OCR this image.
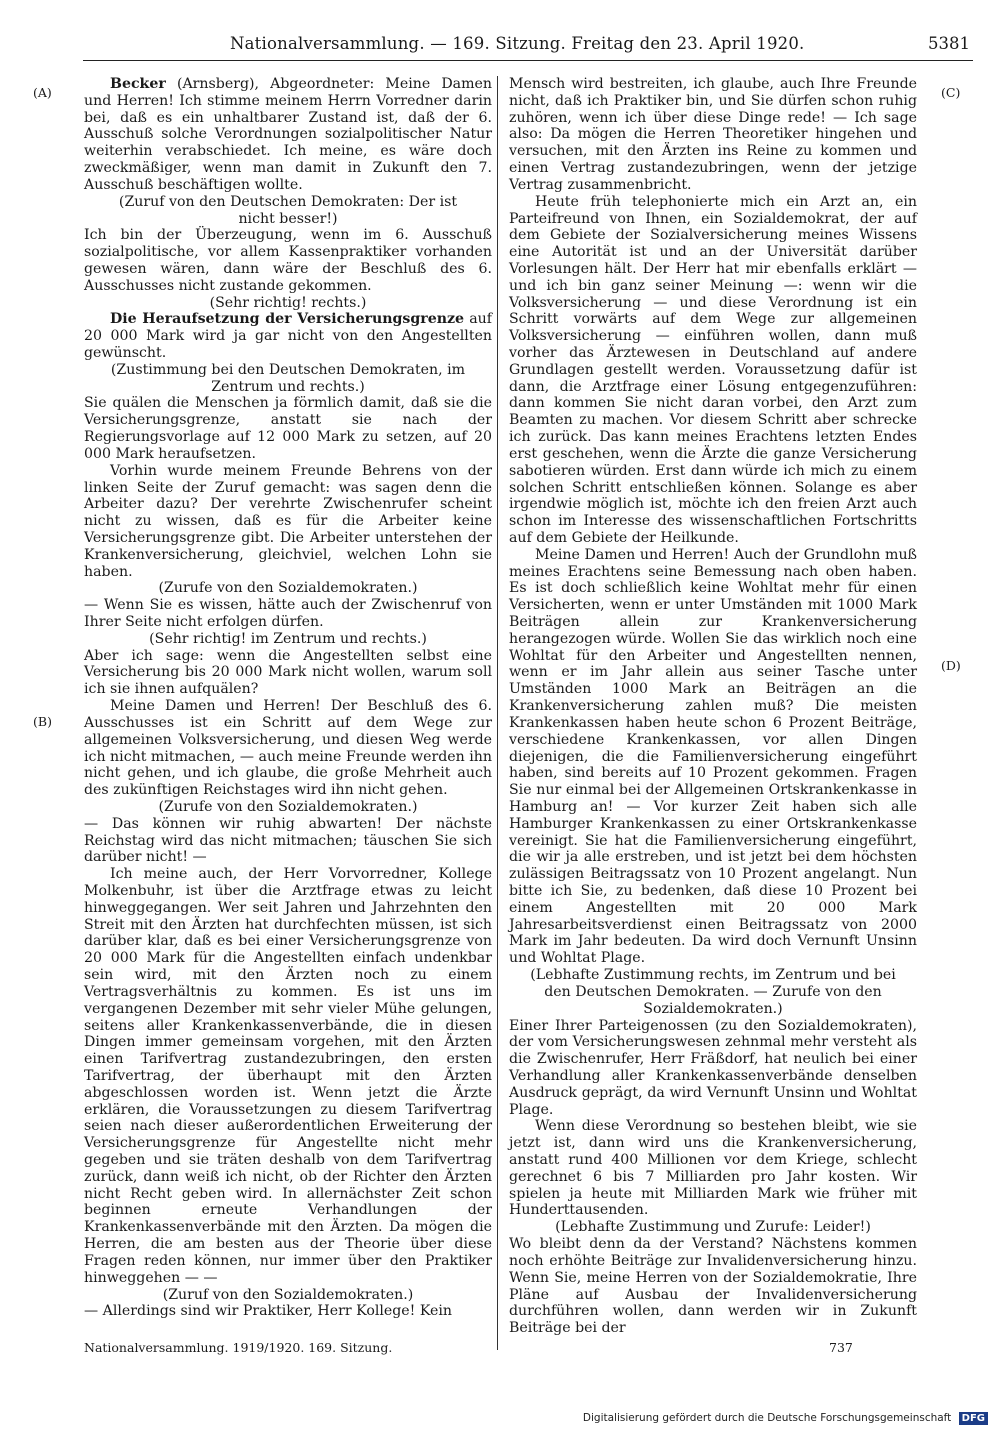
Nationalversammlung. — 169. Sitzung. Freitag den 23. April 1920.	5381
(A)
(B)
(C)
(D)

Becker (Arnsberg), Abgeordneter: Meine Damen und Herren! Ich stimme meinem Herrn Vorredner darin bei, daß es ein unhaltbarer Zustand ist, daß der 6. Ausschuß solche Verordnungen sozialpolitischer Natur weiterhin verabschiedet. Ich meine, es wäre doch zweckmäßiger, wenn man damit in Zukunft den 7. Ausschuß beschäftigen wollte.

(Zuruf von den Deutschen Demokraten: Der ist nicht besser!)

Ich bin der Überzeugung, wenn im 6. Ausschuß sozialpolitische, vor allem Kassenpraktiker vorhanden gewesen wären, dann wäre der Beschluß des 6. Ausschusses nicht zustande gekommen.

(Sehr richtig! rechts.)

Die Heraufsetzung der Versicherungsgrenze auf 20 000 Mark wird ja gar nicht von den Angestellten gewünscht.

(Zustimmung bei den Deutschen Demokraten, im Zentrum und rechts.)

Sie quälen die Menschen ja förmlich damit, daß sie die Versicherungsgrenze, anstatt sie nach der Regierungsvorlage auf 12 000 Mark zu setzen, auf 20 000 Mark heraufsetzen.

Vorhin wurde meinem Freunde Behrens von der linken Seite der Zuruf gemacht: was sagen denn die Arbeiter dazu? Der verehrte Zwischenrufer scheint nicht zu wissen, daß es für die Arbeiter keine Versicherungsgrenze gibt. Die Arbeiter unterstehen der Krankenversicherung, gleichviel, welchen Lohn sie haben.

(Zurufe von den Sozialdemokraten.)

— Wenn Sie es wissen, hätte auch der Zwischenruf von Ihrer Seite nicht erfolgen dürfen.

(Sehr richtig! im Zentrum und rechts.)

Aber ich sage: wenn die Angestellten selbst eine Versicherung bis 20 000 Mark nicht wollen, warum soll ich sie ihnen aufquälen?

Meine Damen und Herren! Der Beschluß des 6. Ausschusses ist ein Schritt auf dem Wege zur allgemeinen Volksversicherung, und diesen Weg werde ich nicht mitmachen, — auch meine Freunde werden ihn nicht gehen, und ich glaube, die große Mehrheit auch des zukünftigen Reichstages wird ihn nicht gehen.

(Zurufe von den Sozialdemokraten.)

— Das können wir ruhig abwarten! Der nächste Reichstag wird das nicht mitmachen; täuschen Sie sich darüber nicht! —

Ich meine auch, der Herr Vorvorredner, Kollege Molkenbuhr, ist über die Arztfrage etwas zu leicht hinweggegangen. Wer seit Jahren und Jahrzehnten den Streit mit den Ärzten hat durchfechten müssen, ist sich darüber klar, daß es bei einer Versicherungsgrenze von 20 000 Mark für die Angestellten einfach undenkbar sein wird, mit den Ärzten noch zu einem Vertragsverhältnis zu kommen. Es ist uns im vergangenen Dezember mit sehr vieler Mühe gelungen, seitens aller Krankenkassenverbände, die in diesen Dingen immer gemeinsam vorgehen, mit den Ärzten einen Tarifvertrag zustandezubringen, den ersten Tarifvertrag, der überhaupt mit den Ärzten abgeschlossen worden ist. Wenn jetzt die Ärzte erklären, die Voraussetzungen zu diesem Tarifvertrag seien nach dieser außerordentlichen Erweiterung der Versicherungsgrenze für Angestellte nicht mehr gegeben und sie träten deshalb von dem Tarifvertrag zurück, dann weiß ich nicht, ob der Richter den Ärzten nicht Recht geben wird. In allernächster Zeit schon beginnen erneute Verhandlungen der Krankenkassenverbände mit den Ärzten. Da mögen die Herren, die am besten aus der Theorie über diese Fragen reden können, nur immer über den Praktiker hinweggehen — —

(Zuruf von den Sozialdemokraten.)

— Allerdings sind wir Praktiker, Herr Kollege! Kein

Mensch wird bestreiten, ich glaube, auch Ihre Freunde nicht, daß ich Praktiker bin, und Sie dürfen schon ruhig zuhören, wenn ich über diese Dinge rede! — Ich sage also: Da mögen die Herren Theoretiker hingehen und versuchen, mit den Ärzten ins Reine zu kommen und einen Vertrag zustandezubringen, wenn der jetzige Vertrag zusammenbricht.

Heute früh telephonierte mich ein Arzt an, ein Parteifreund von Ihnen, ein Sozialdemokrat, der auf dem Gebiete der Sozialversicherung meines Wissens eine Autorität ist und an der Universität darüber Vorlesungen hält. Der Herr hat mir ebenfalls erklärt — und ich bin ganz seiner Meinung —: wenn wir die Volksversicherung — und diese Verordnung ist ein Schritt vorwärts auf dem Wege zur allgemeinen Volksversicherung — einführen wollen, dann muß vorher das Ärztewesen in Deutschland auf andere Grundlagen gestellt werden. Voraussetzung dafür ist dann, die Arztfrage einer Lösung entgegenzuführen: dann kommen Sie nicht daran vorbei, den Arzt zum Beamten zu machen. Vor diesem Schritt aber schrecke ich zurück. Das kann meines Erachtens letzten Endes erst geschehen, wenn die Ärzte die ganze Versicherung sabotieren würden. Erst dann würde ich mich zu einem solchen Schritt entschließen können. Solange es aber irgendwie möglich ist, möchte ich den freien Arzt auch schon im Interesse des wissenschaftlichen Fortschritts auf dem Gebiete der Heilkunde.

Meine Damen und Herren! Auch der Grundlohn muß meines Erachtens seine Bemessung nach oben haben. Es ist doch schließlich keine Wohltat mehr für einen Versicherten, wenn er unter Umständen mit 1000 Mark Beiträgen allein zur Krankenversicherung herangezogen würde. Wollen Sie das wirklich noch eine Wohltat für den Arbeiter und Angestellten nennen, wenn er im Jahr allein aus seiner Tasche unter Umständen 1000 Mark an Beiträgen an die Krankenversicherung zahlen muß? Die meisten Krankenkassen haben heute schon 6 Prozent Beiträge, verschiedene Krankenkassen, vor allen Dingen diejenigen, die die Familienversicherung eingeführt haben, sind bereits auf 10 Prozent gekommen. Fragen Sie nur einmal bei der Allgemeinen Ortskrankenkasse in Hamburg an! — Vor kurzer Zeit haben sich alle Hamburger Krankenkassen zu einer Ortskrankenkasse vereinigt. Sie hat die Familienversicherung eingeführt, die wir ja alle erstreben, und ist jetzt bei dem höchsten zulässigen Beitragssatz von 10 Prozent angelangt. Nun bitte ich Sie, zu bedenken, daß diese 10 Prozent bei einem Angestellten mit 20 000 Mark Jahresarbeitsverdienst einen Beitragssatz von 2000 Mark im Jahr bedeuten. Da wird doch Vernunft Unsinn und Wohltat Plage.

(Lebhafte Zustimmung rechts, im Zentrum und bei den Deutschen Demokraten. — Zurufe von den Sozialdemokraten.)

Einer Ihrer Parteigenossen (zu den Sozialdemokraten), der vom Versicherungswesen zehnmal mehr versteht als die Zwischenrufer, Herr Fräßdorf, hat neulich bei einer Verhandlung aller Krankenkassenverbände denselben Ausdruck geprägt, da wird Vernunft Unsinn und Wohltat Plage.

Wenn diese Verordnung so bestehen bleibt, wie sie jetzt ist, dann wird uns die Krankenversicherung, anstatt rund 400 Millionen vor dem Kriege, schlecht gerechnet 6 bis 7 Milliarden pro Jahr kosten. Wir spielen ja heute mit Milliarden Mark wie früher mit Hunderttausenden.

(Lebhafte Zustimmung und Zurufe: Leider!)

Wo bleibt denn da der Verstand? Nächstens kommen noch erhöhte Beiträge zur Invalidenversicherung hinzu. Wenn Sie, meine Herren von der Sozialdemokratie, Ihre Pläne auf Ausbau der Invalidenversicherung durchführen wollen, dann werden wir in Zukunft Beiträge bei der

Nationalversammlung. 1919/1920. 169. Sitzung.	737
Digitalisierung gefördert durch die Deutsche Forschungsgemeinschaft DFG
